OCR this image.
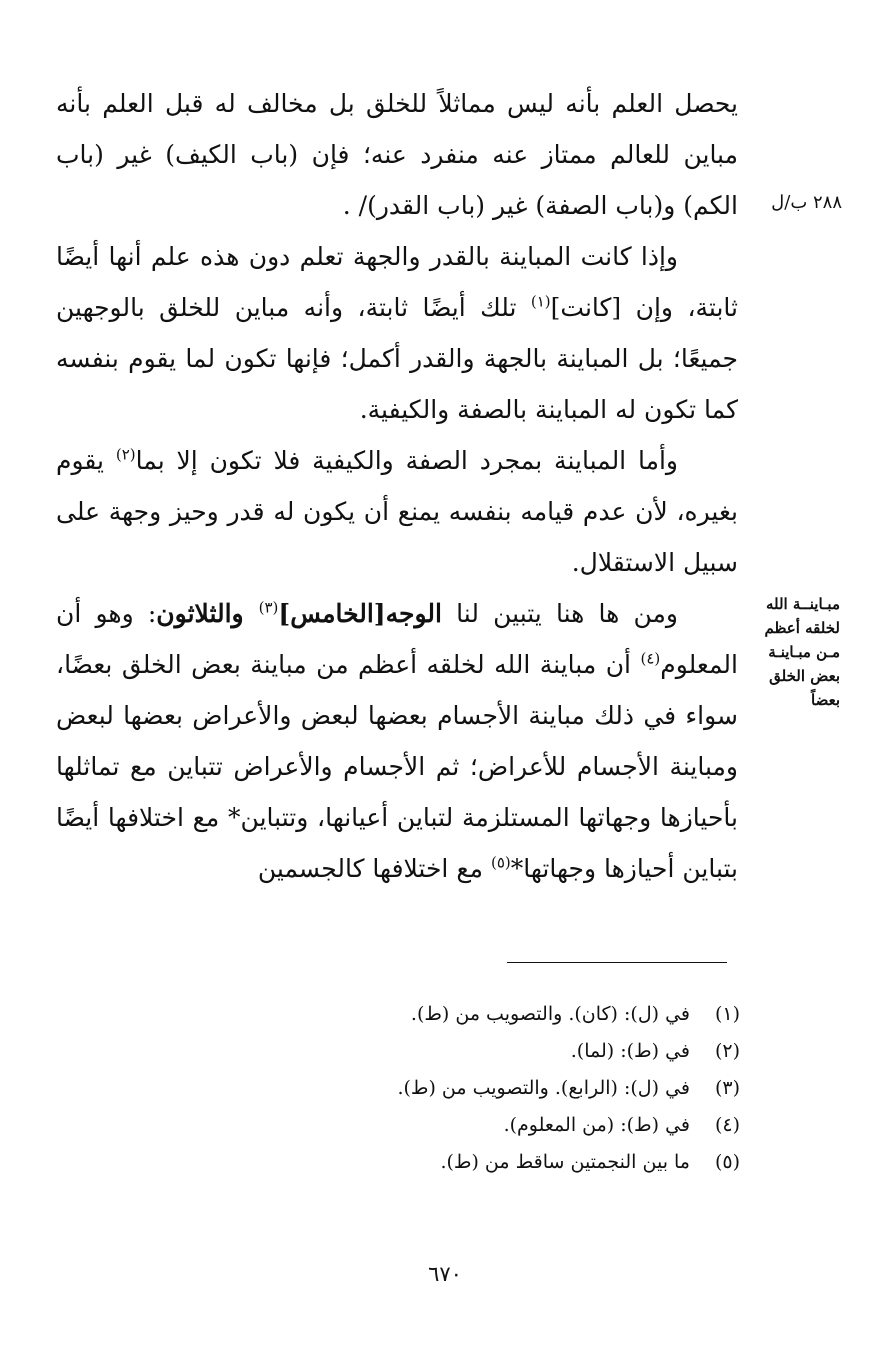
٢٨٨ ب/ل
مبـاينــة الله لخلقه أعظم مـن مبـاينـة بعض الخلق بعضاً

يحصل العلم بأنه ليس مماثلاً للخلق بل مخالف له قبل العلم بأنه مباين للعالم ممتاز عنه منفرد عنه؛ فإن (باب الكيف) غير (باب الكم) و(باب الصفة) غير (باب القدر)/ .

وإذا كانت المباينة بالقدر والجهة تعلم دون هذه علم أنها أيضًا ثابتة، وإن [كانت]$^{(١)}$ تلك أيضًا ثابتة، وأنه مباين للخلق بالوجهين جميعًا؛ بل المباينة بالجهة والقدر أكمل؛ فإنها تكون لما يقوم بنفسه كما تكون له المباينة بالصفة والكيفية.

وأما المباينة بمجرد الصفة والكيفية فلا تكون إلا بما$^{(٢)}$ يقوم بغيره، لأن عدم قيامه بنفسه يمنع أن يكون له قدر وحيز وجهة على سبيل الاستقلال.

ومن ها هنا يتبين لنا الوجه[الخامس]$^{(٣)}$ والثلاثون: وهو أن المعلوم$^{(٤)}$ أن مباينة الله لخلقه أعظم من مباينة بعض الخلق بعضًا، سواء في ذلك مباينة الأجسام بعضها لبعض والأعراض بعضها لبعض ومباينة الأجسام للأعراض؛ ثم الأجسام والأعراض تتباين مع تماثلها بأحيازها وجهاتها المستلزمة لتباين أعيانها، وتتباين* مع اختلافها أيضًا بتباين أحيازها وجهاتها*$^{(٥)}$ مع اختلافها كالجسمين

(١)
في (ل): (كان). والتصويب من (ط).
(٢)
في (ط): (لما).
(٣)
في (ل): (الرابع). والتصويب من (ط).
(٤)
في (ط): (من المعلوم).
(٥)
ما بين النجمتين ساقط من (ط).
٦٧٠
